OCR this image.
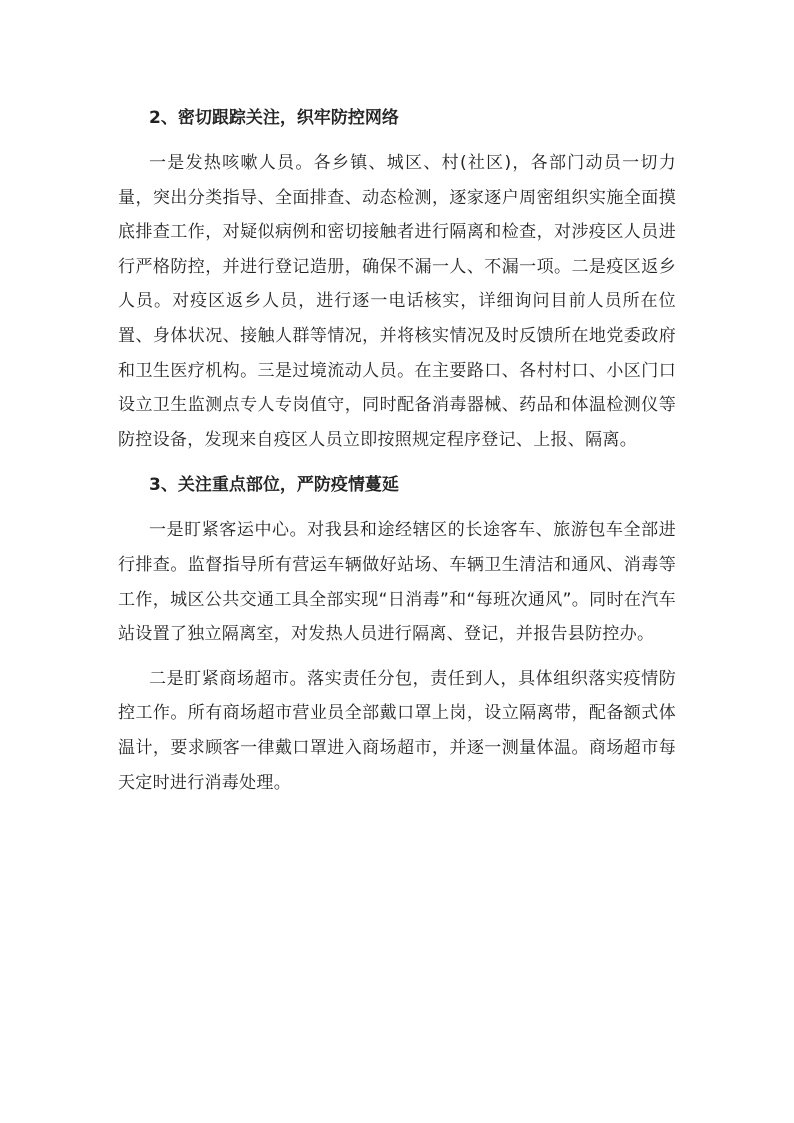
2、密切跟踪关注，织牢防控网络

一是发热咳嗽人员。各乡镇、城区、村(社区)，各部门动员一切力量，突出分类指导、全面排查、动态检测，逐家逐户周密组织实施全面摸底排查工作，对疑似病例和密切接触者进行隔离和检查，对涉疫区人员进行严格防控，并进行登记造册，确保不漏一人、不漏一项。二是疫区返乡人员。对疫区返乡人员，进行逐一电话核实，详细询问目前人员所在位置、身体状况、接触人群等情况，并将核实情况及时反馈所在地党委政府和卫生医疗机构。三是过境流动人员。在主要路口、各村村口、小区门口设立卫生监测点专人专岗值守，同时配备消毒器械、药品和体温检测仪等防控设备，发现来自疫区人员立即按照规定程序登记、上报、隔离。

3、关注重点部位，严防疫情蔓延

一是盯紧客运中心。对我县和途经辖区的长途客车、旅游包车全部进行排查。监督指导所有营运车辆做好站场、车辆卫生清洁和通风、消毒等工作，城区公共交通工具全部实现“日消毒”和“每班次通风”。同时在汽车站设置了独立隔离室，对发热人员进行隔离、登记，并报告县防控办。

二是盯紧商场超市。落实责任分包，责任到人，具体组织落实疫情防控工作。所有商场超市营业员全部戴口罩上岗，设立隔离带，配备额式体温计，要求顾客一律戴口罩进入商场超市，并逐一测量体温。商场超市每天定时进行消毒处理。
